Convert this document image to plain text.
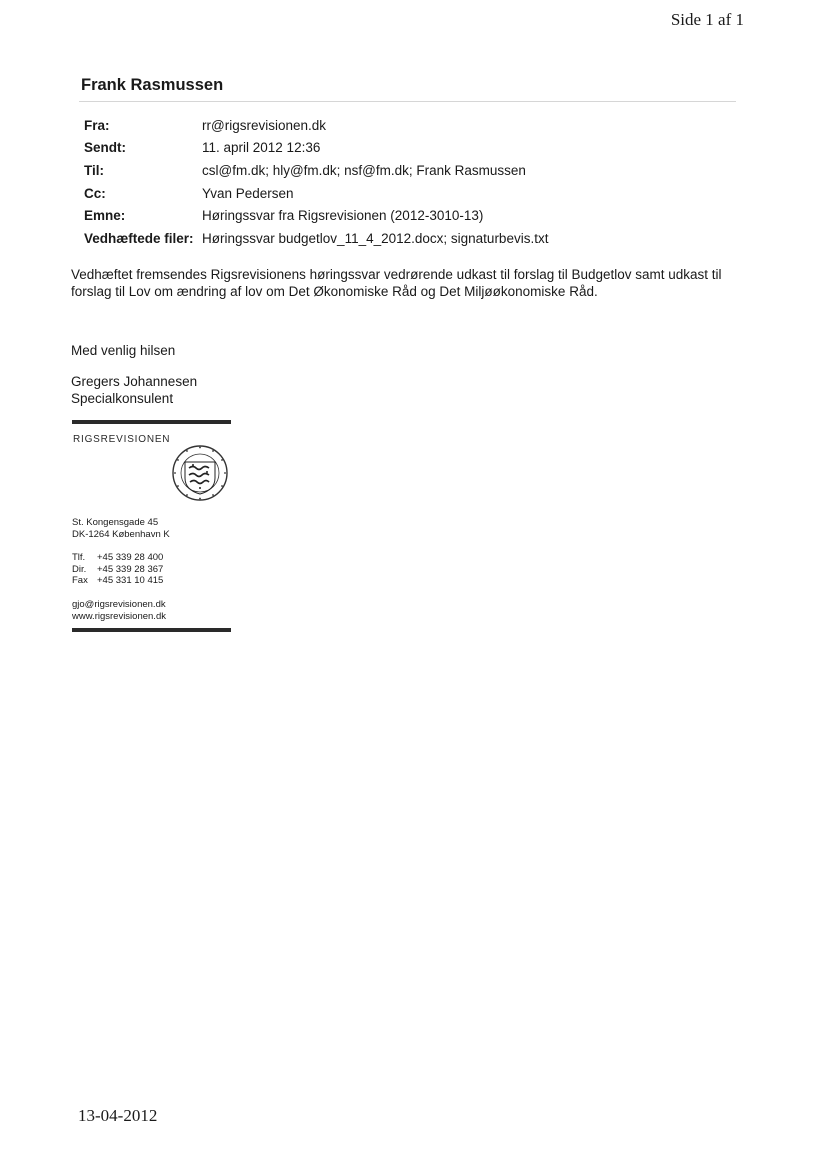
Side 1 af 1
Frank Rasmussen
Fra:	rr@rigsrevisionen.dk
Sendt:	11. april 2012 12:36
Til:	csl@fm.dk; hly@fm.dk; nsf@fm.dk; Frank Rasmussen
Cc:	Yvan Pedersen
Emne:	Høringssvar fra Rigsrevisionen (2012-3010-13)
Vedhæftede filer: Høringssvar budgetlov_11_4_2012.docx; signaturbevis.txt
Vedhæftet fremsendes Rigsrevisionens høringssvar vedrørende udkast til forslag til Budgetlov samt udkast til
forslag til Lov om ændring af lov om Det Økonomiske Råd og Det Miljøøkonomiske Råd.
Med venlig hilsen
Gregers Johannesen
Specialkonsulent
RIGSREVISIONEN
St. Kongensgade 45
DK-1264 København K
Tlf.	+45 339 28 400
Dir.	+45 339 28 367
Fax +45 331 10 415
gjo@rigsrevisionen.dk
www.rigsrevisionen.dk
13-04-2012
